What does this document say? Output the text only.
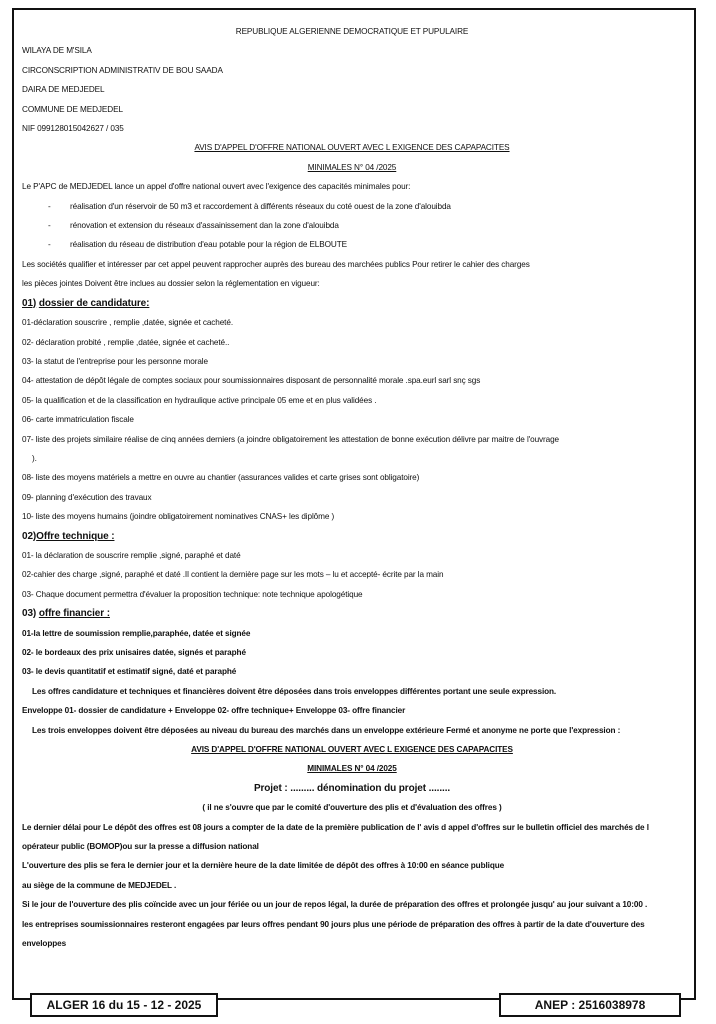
REPUBLIQUE ALGERIENNE DEMOCRATIQUE ET PUPULAIRE
WILAYA DE M'SILA
CIRCONSCRIPTION ADMINISTRATIV DE BOU SAADA
DAIRA DE MEDJEDEL
COMMUNE DE MEDJEDEL
NIF 099128015042627 / 035
AVIS D'APPEL D'OFFRE NATIONAL OUVERT AVEC L EXIGENCE DES CAPAPACITES
MINIMALES N° 04 /2025
Le P'APC de MEDJEDEL lance un appel d'offre national ouvert avec l'exigence des capacités minimales pour:
- réalisation d'un réservoir de 50 m3 et raccordement à différents réseaux du coté ouest de la zone d'alouibda
- rénovation et extension du réseaux d'assainissement dan la zone d'alouibda
- réalisation du réseau de distribution d'eau potable pour la région de ELBOUTE
Les sociétés qualifier et intéresser par cet appel peuvent rapprocher auprès des bureau des marchées publics Pour retirer le cahier des charges
les pièces jointes Doivent être inclues au dossier selon la réglementation en vigueur:
01) dossier de candidature:
01-déclaration souscrire , remplie ,datée, signée et cacheté.
02- déclaration probité , remplie ,datée, signée et cacheté..
03- la statut de l'entreprise pour les personne morale
04- attestation de dépôt légale de comptes sociaux pour soumissionnaires disposant de personnalité morale .spa.eurl sarl snç sgs
05- la qualification et de la classification en hydraulique active principale 05 eme et en plus validées .
06- carte immatriculation fiscale
07- liste des projets similaire réalise de cinq années derniers (a joindre obligatoirement les attestation de bonne exécution délivre par maitre de l'ouvrage
).
08- liste des moyens matériels a mettre en ouvre au chantier (assurances valides et carte grises sont obligatoire)
09- planning d'exécution des travaux
10- liste des moyens humains (joindre obligatoirement nominatives CNAS+ les diplôme )
02)Offre technique :
01- la déclaration de souscrire remplie ,signé, paraphé et daté
02-cahier des charge ,signé, paraphé et daté .Il contient la dernière page sur les mots – lu et accepté- écrite par la main
03- Chaque document permettra d'évaluer la proposition technique: note technique apologétique
03) offre financier :
01-la lettre de soumission remplie,paraphée, datée et signée
02- le bordeaux des prix unisaires datée, signés et paraphé
03- le devis quantitatif et estimatif signé, daté et paraphé
Les offres candidature et techniques et financières doivent être déposées dans trois enveloppes différentes portant une seule expression.
Enveloppe 01- dossier de candidature + Enveloppe 02- offre technique+ Enveloppe 03- offre financier
Les trois enveloppes doivent être déposées au niveau du bureau des marchés dans un enveloppe extérieure Fermé et anonyme ne porte que l'expression :
AVIS D'APPEL D'OFFRE NATIONAL OUVERT AVEC L EXIGENCE DES CAPAPACITES
MINIMALES N° 04 /2025
Projet : ......... dénomination du projet ........
( il ne s'ouvre que par le comité d'ouverture des plis et d'évaluation des offres )
Le dernier délai pour Le dépôt des offres est 08 jours a compter de la date de la première publication de l' avis d appel d'offres sur le bulletin officiel des marchés de l
opérateur public (BOMOP)ou sur la presse a diffusion national
L'ouverture des plis se fera le dernier jour et la dernière heure de la date limitée de dépôt des offres à 10:00 en séance publique
au siège de la commune de MEDJEDEL .
Si le jour de l'ouverture des plis coïncide avec un jour fériée ou un jour de repos légal, la durée de préparation des offres et prolongée jusqu' au jour suivant a 10:00 .
les entreprises soumissionnaires resteront engagées par leurs offres pendant 90 jours plus une période de préparation des offres à partir de la date d'ouverture des
enveloppes
ALGER 16 du 15 - 12 - 2025	ANEP : 2516038978
